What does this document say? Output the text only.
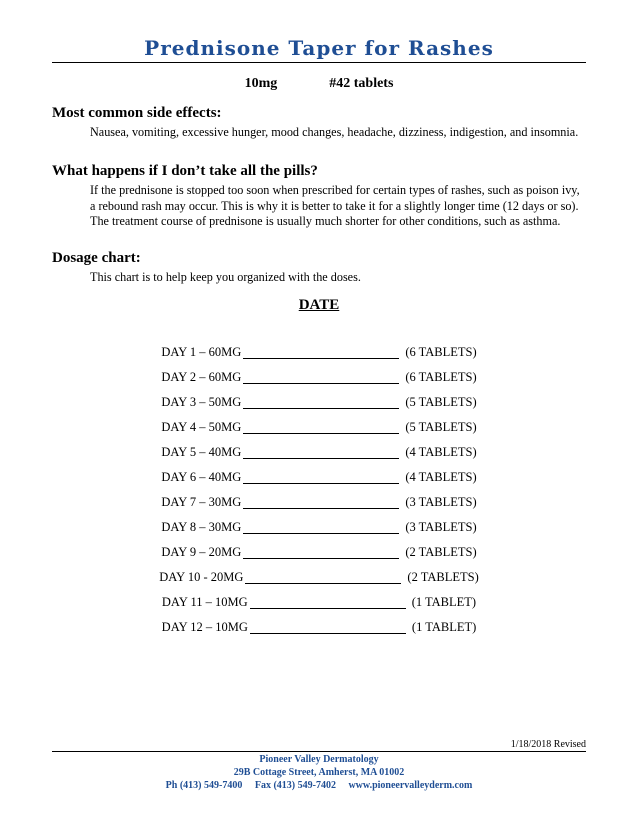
Prednisone Taper for Rashes
10mg	#42 tablets
Most common side effects:

Nausea, vomiting, excessive hunger, mood changes, headache, dizziness, indigestion, and insomnia.

What happens if I don’t take all the pills?

If the prednisone is stopped too soon when prescribed for certain types of rashes, such as poison ivy, a rebound rash may occur. This is why it is better to take it for a slightly longer time (12 days or so). The treatment course of prednisone is usually much shorter for other conditions, such as asthma.

Dosage chart:

This chart is to help keep you organized with the doses.

DATE
DAY 1 – 60MG	(6 TABLETS)
DAY 2 – 60MG	(6 TABLETS)
DAY 3 – 50MG	(5 TABLETS)
DAY 4 – 50MG	(5 TABLETS)
DAY 5 – 40MG	(4 TABLETS)
DAY 6 – 40MG	(4 TABLETS)
DAY 7 – 30MG	(3 TABLETS)
DAY 8 – 30MG	(3 TABLETS)
DAY 9 – 20MG	(2 TABLETS)
DAY 10 - 20MG	(2 TABLETS)
DAY 11 – 10MG	(1 TABLET)
DAY 12 – 10MG	(1 TABLET)
1/18/2018 Revised
Pioneer Valley Dermatology
29B Cottage Street, Amherst, MA 01002
Ph (413) 549-7400 Fax (413) 549-7402 www.pioneervalleyderm.com
